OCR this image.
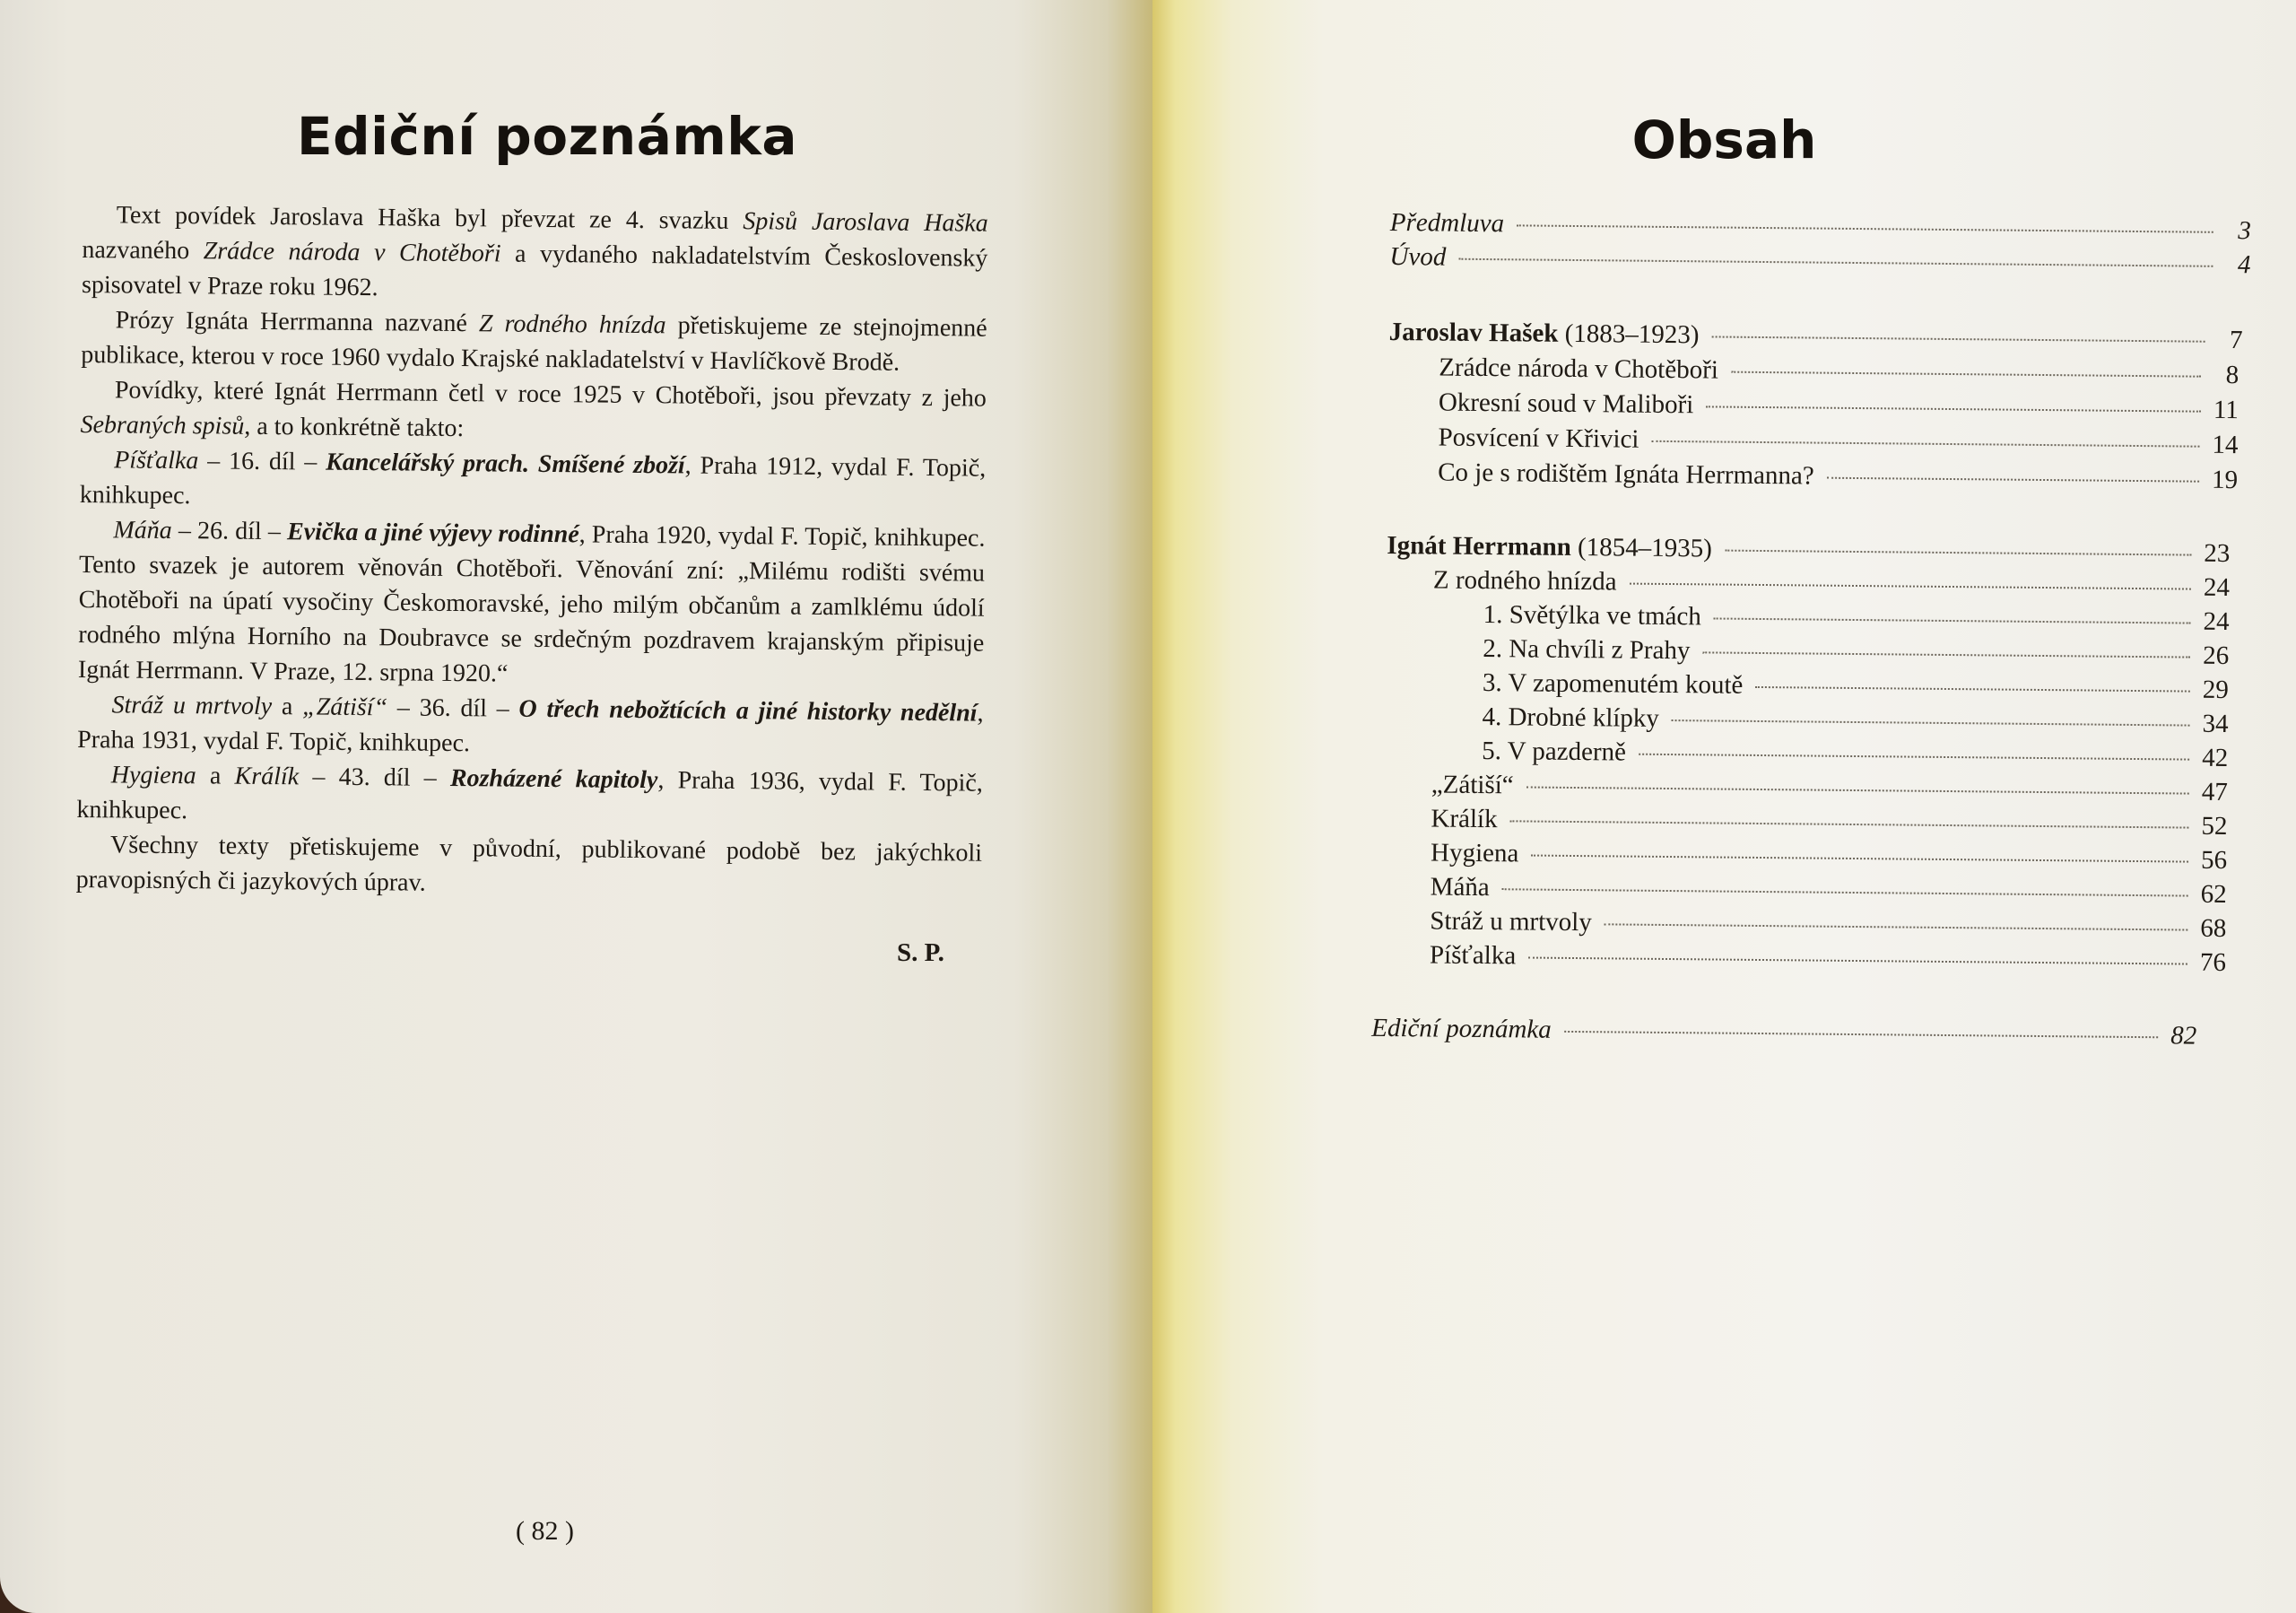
Ediční poznámka

Text povídek Jaroslava Haška byl převzat ze 4. svazku Spisů Jaroslava Haška nazvaného Zrádce národa v Chotěboři a vydaného nakladatelstvím Československý spisovatel v Praze roku 1962.

Prózy Ignáta Herrmanna nazvané Z rodného hnízda přetiskujeme ze stejnojmenné publikace, kterou v roce 1960 vydalo Krajské nakladatelství v Havlíčkově Brodě.

Povídky, které Ignát Herrmann četl v roce 1925 v Chotěboři, jsou převzaty z jeho Sebraných spisů, a to konkrétně takto:

Píšťalka – 16. díl – Kancelářský prach. Smíšené zboží, Praha 1912, vydal F. Topič, knihkupec.

Máňa – 26. díl – Evička a jiné výjevy rodinné, Praha 1920, vydal F. Topič, knihkupec. Tento svazek je autorem věnován Chotěboři. Věnování zní: „Milému rodišti svému Chotěboři na úpatí vysočiny Českomoravské, jeho milým občanům a zamlklému údolí rodného mlýna Horního na Doubravce se srdečným pozdravem krajanským připisuje Ignát Herrmann. V Praze, 12. srpna 1920.“

Stráž u mrtvoly a „Zátiší“ – 36. díl – O třech nebožtících a jiné historky nedělní, Praha 1931, vydal F. Topič, knihkupec.

Hygiena a Králík – 43. díl – Rozházené kapitoly, Praha 1936, vydal F. Topič, knihkupec.

Všechny texty přetiskujeme v původní, publikované podobě bez jakýchkoli pravopisných či jazykových úprav.

S. P.
( 82 )
Obsah
Předmluva	3
Úvod	4
Jaroslav Hašek (1883–1923)	7
Zrádce národa v Chotěboři	8
Okresní soud v Maliboři	11
Posvícení v Křivici	14
Co je s rodištěm Ignáta Herrmanna?	19
Ignát Herrmann (1854–1935)	23
Z rodného hnízda	24
1. Světýlka ve tmách	24
2. Na chvíli z Prahy	26
3. V zapomenutém koutě	29
4. Drobné klípky	34
5. V pazderně	42
„Zátiší“	47
Králík	52
Hygiena	56
Máňa	62
Stráž u mrtvoly	68
Píšťalka	76
Ediční poznámka	82
